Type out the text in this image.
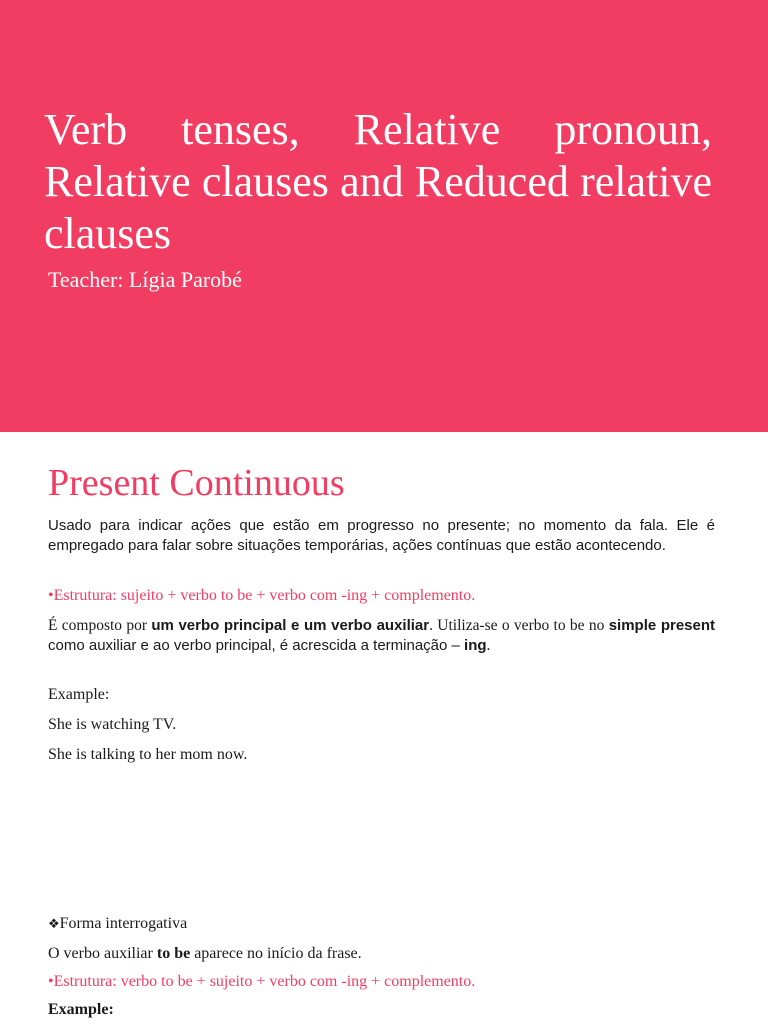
Verb tenses, Relative pronoun, Relative clauses and Reduced relative clauses
Teacher: Lígia Parobé
Present Continuous

Usado para indicar ações que estão em progresso no presente; no momento da fala. Ele é empregado para falar sobre situações temporárias, ações contínuas que estão acontecendo.

•Estrutura: sujeito + verbo to be + verbo com -ing + complemento.

É composto por um verbo principal e um verbo auxiliar. Utiliza-se o verbo to be no simple present como auxiliar e ao verbo principal, é acrescida a terminação – ing.

Example:

She is watching TV.

She is talking to her mom now.

❖Forma interrogativa

O verbo auxiliar to be aparece no início da frase.

•Estrutura: verbo to be + sujeito + verbo com -ing + complemento.

Example:
